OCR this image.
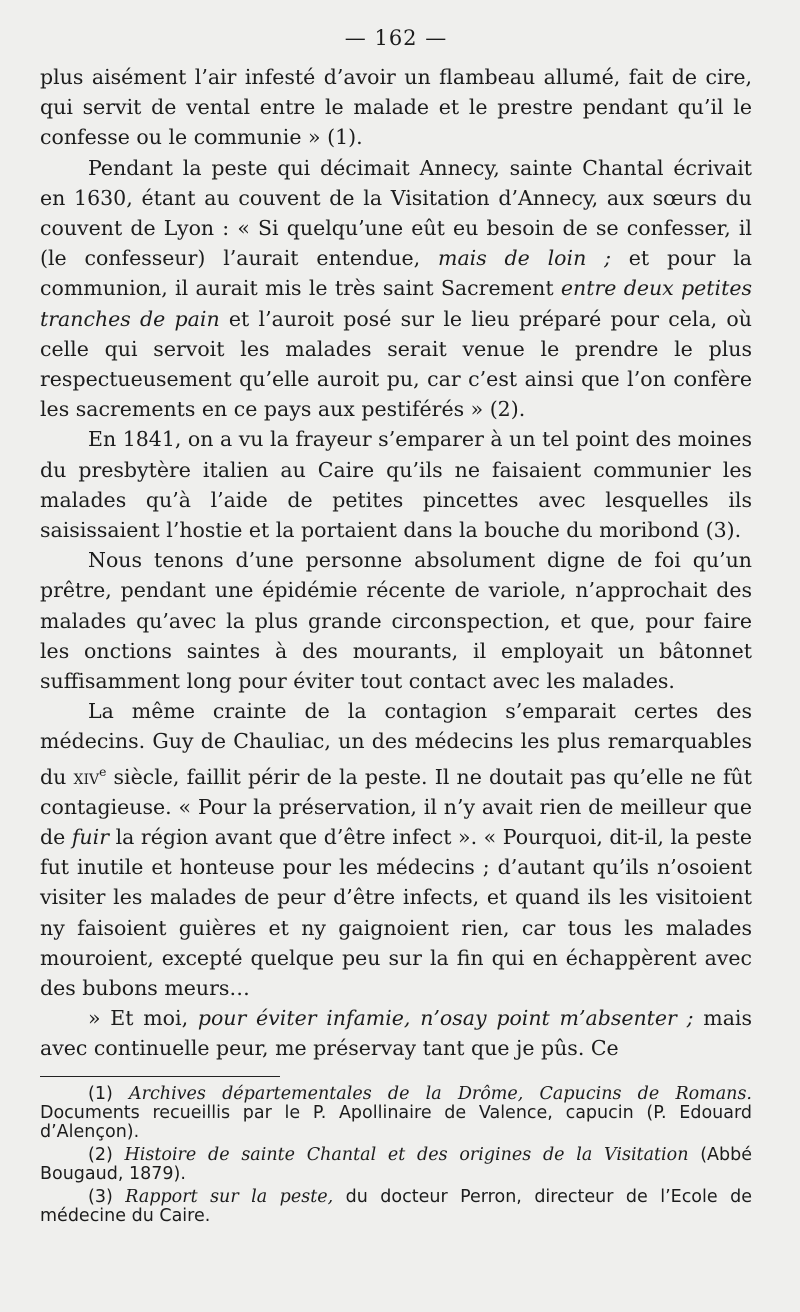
— 162 —

plus aisément l’air infesté d’avoir un flambeau allumé, fait de cire, qui servit de vental entre le malade et le prestre pendant qu’il le confesse ou le communie » (1).

Pendant la peste qui décimait Annecy, sainte Chantal écrivait en 1630, étant au couvent de la Visitation d’Annecy, aux sœurs du couvent de Lyon : « Si quelqu’une eût eu besoin de se confesser, il (le confesseur) l’aurait entendue, mais de loin ; et pour la communion, il aurait mis le très saint Sacrement entre deux petites tranches de pain et l’auroit posé sur le lieu préparé pour cela, où celle qui servoit les malades serait venue le prendre le plus respectueusement qu’elle auroit pu, car c’est ainsi que l’on confère les sacrements en ce pays aux pestiférés » (2).

En 1841, on a vu la frayeur s’emparer à un tel point des moines du presbytère italien au Caire qu’ils ne faisaient communier les malades qu’à l’aide de petites pincettes avec lesquelles ils saisissaient l’hostie et la portaient dans la bouche du moribond (3).

Nous tenons d’une personne absolument digne de foi qu’un prêtre, pendant une épidémie récente de variole, n’approchait des malades qu’avec la plus grande circonspection, et que, pour faire les onctions saintes à des mourants, il employait un bâtonnet suffisamment long pour éviter tout contact avec les malades.

La même crainte de la contagion s’emparait certes des médecins. Guy de Chauliac, un des médecins les plus remarquables du xiv$^e$ siècle, faillit périr de la peste. Il ne doutait pas qu’elle ne fût contagieuse. « Pour la préservation, il n’y avait rien de meilleur que de fuir la région avant que d’être infect ». « Pourquoi, dit-il, la peste fut inutile et honteuse pour les médecins ; d’autant qu’ils n’osoient visiter les malades de peur d’être infects, et quand ils les visitoient ny faisoient guières et ny gaignoient rien, car tous les malades mouroient, excepté quelque peu sur la fin qui en échappèrent avec des bubons meurs…

» Et moi, pour éviter infamie, n’osay point m’absenter ; mais avec continuelle peur, me préservay tant que je pûs. Ce

(1) Archives départementales de la Drôme, Capucins de Romans. Documents recueillis par le P. Apollinaire de Valence, capucin (P. Edouard d’Alençon).

(2) Histoire de sainte Chantal et des origines de la Visitation (Abbé Bougaud, 1879).

(3) Rapport sur la peste, du docteur Perron, directeur de l’Ecole de médecine du Caire.
